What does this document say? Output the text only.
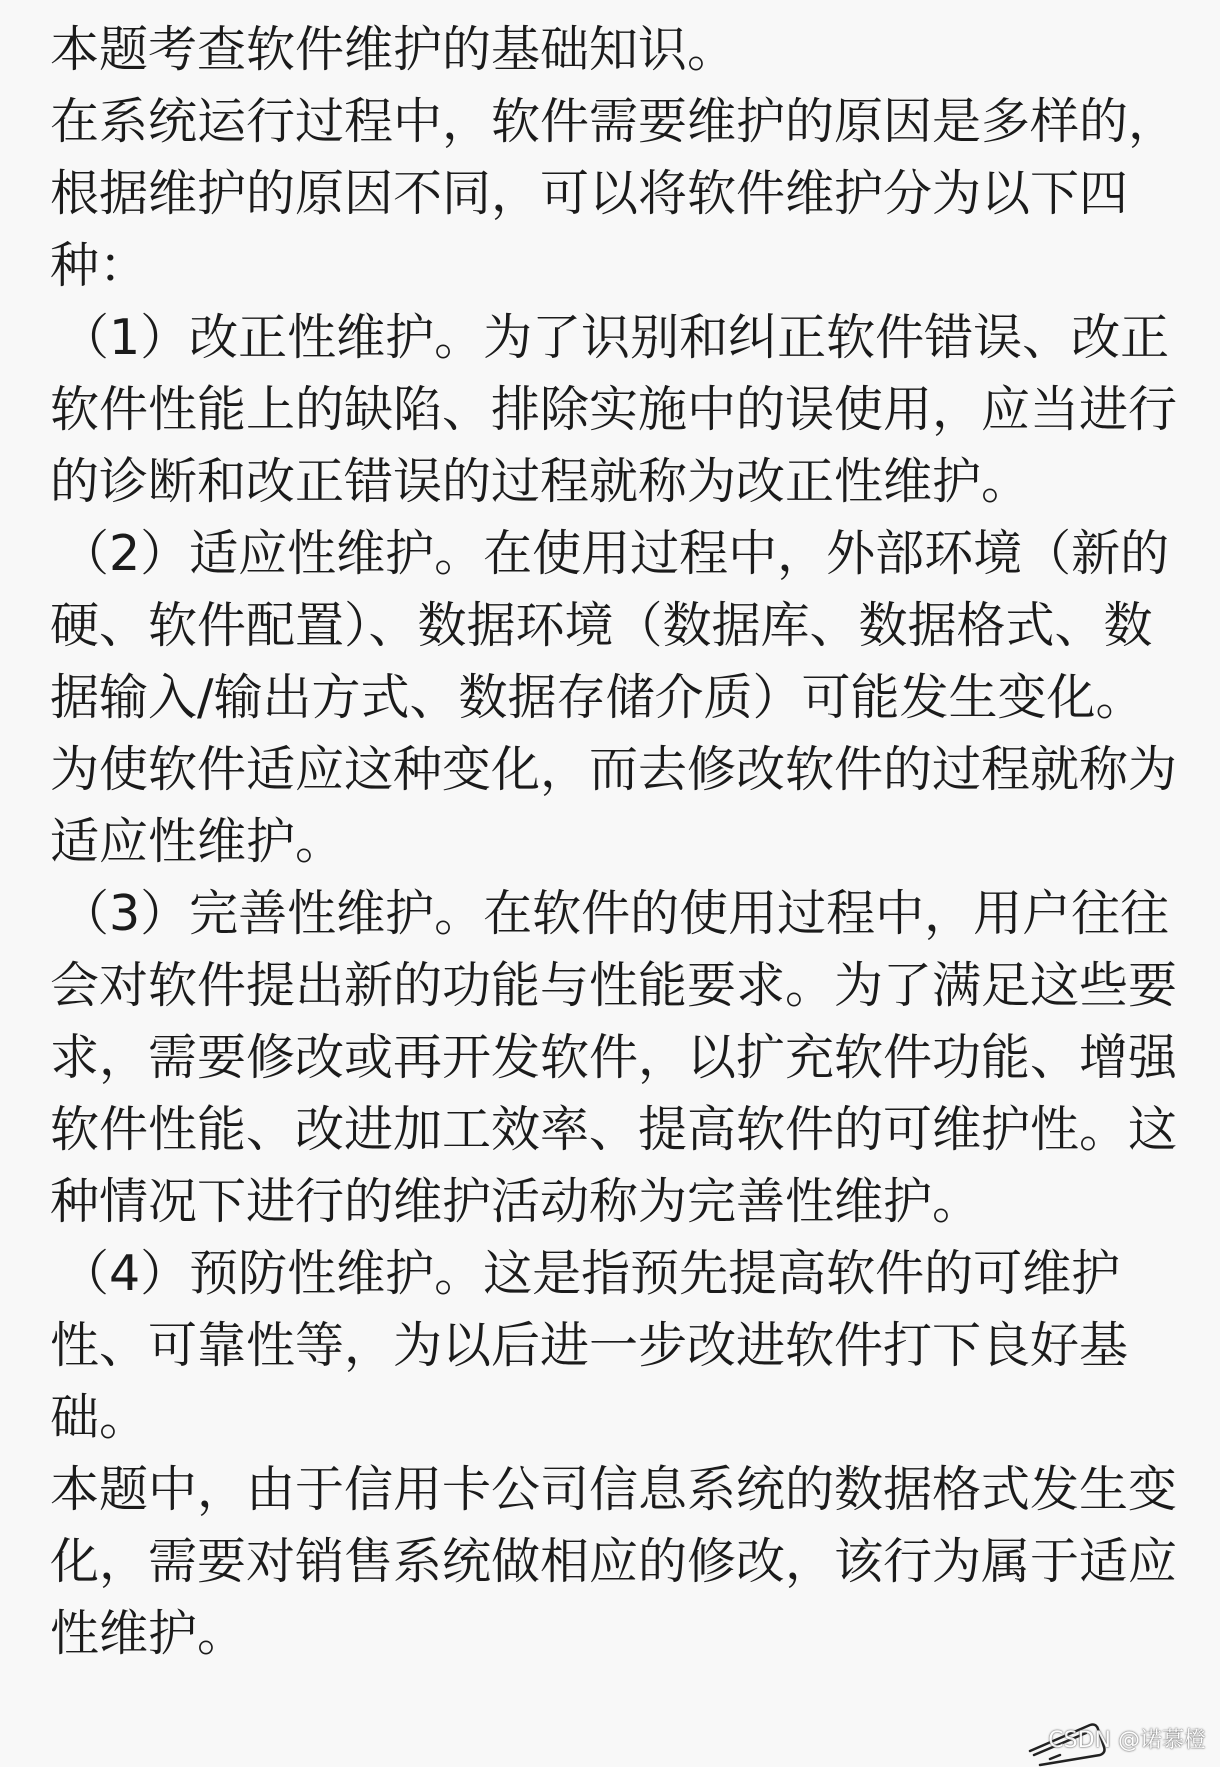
本题考查软件维护的基础知识。

在系统运行过程中，软件需要维护的原因是多样的，根据维护的原因不同，可以将软件维护分为以下四种：

（1）改正性维护。为了识别和纠正软件错误、改正软件性能上的缺陷、排除实施中的误使用，应当进行的诊断和改正错误的过程就称为改正性维护。

（2）适应性维护。在使用过程中，外部环境（新的硬、软件配置）、数据环境（数据库、数据格式、数据输入/输出方式、数据存储介质）可能发生变化。为使软件适应这种变化，而去修改软件的过程就称为适应性维护。

（3）完善性维护。在软件的使用过程中，用户往往会对软件提出新的功能与性能要求。为了满足这些要求，需要修改或再开发软件，以扩充软件功能、增强软件性能、改进加工效率、提高软件的可维护性。这种情况下进行的维护活动称为完善性维护。

（4）预防性维护。这是指预先提高软件的可维护性、可靠性等，为以后进一步改进软件打下良好基础。

本题中，由于信用卡公司信息系统的数据格式发生变化，需要对销售系统做相应的修改，该行为属于适应性维护。

CSDN @诺慕橙
